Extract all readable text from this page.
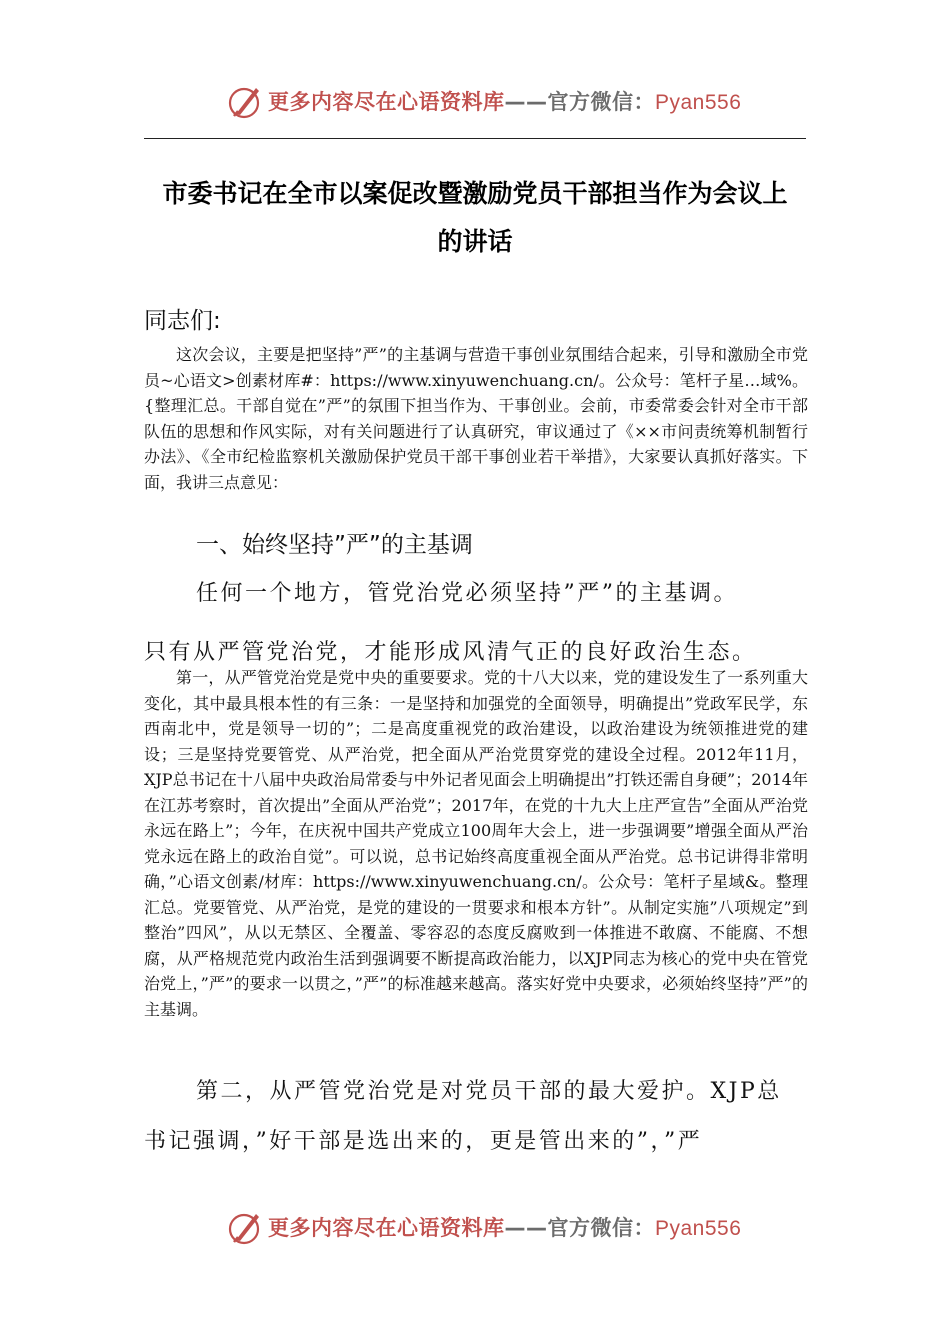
更多内容尽在心语资料库——官方微信：Pyan556
市委书记在全市以案促改暨激励党员干部担当作为会议上
的讲话
同志们:

这次会议，主要是把坚持”严”的主基调与营造干事创业氛围结合起来，引导和激励全市党员~心语文>创素材库#：https://www.xinyuwenchuang.cn/。公众号：笔杆子星…域%。{整理汇总。干部自觉在”严”的氛围下担当作为、干事创业。会前，市委常委会针对全市干部队伍的思想和作风实际，对有关问题进行了认真研究，审议通过了《××市问责统筹机制暂行办法》、《全市纪检监察机关激励保护党员干部干事创业若干举措》，大家要认真抓好落实。下面，我讲三点意见：

一、始终坚持”严”的主基调
任何一个地方，管党治党必须坚持”严”的主基调。
只有从严管党治党，才能形成风清气正的良好政治生态。

第一，从严管党治党是党中央的重要要求。党的十八大以来，党的建设发生了一系列重大变化，其中最具根本性的有三条：一是坚持和加强党的全面领导，明确提出”党政军民学，东西南北中，党是领导一切的”；二是高度重视党的政治建设，以政治建设为统领推进党的建设；三是坚持党要管党、从严治党，把全面从严治党贯穿党的建设全过程。2012年11月，XJP总书记在十八届中央政治局常委与中外记者见面会上明确提出”打铁还需自身硬”；2014年在江苏考察时，首次提出”全面从严治党”；2017年，在党的十九大上庄严宣告”全面从严治党永远在路上”；今年，在庆祝中国共产党成立100周年大会上，进一步强调要”增强全面从严治党永远在路上的政治自觉”。可以说，总书记始终高度重视全面从严治党。总书记讲得非常明确，”心语文创素/材库：https://www.xinyuwenchuang.cn/。公众号：笔杆子星域&。整理汇总。党要管党、从严治党，是党的建设的一贯要求和根本方针”。从制定实施”八项规定”到整治”四风”，从以无禁区、全覆盖、零容忍的态度反腐败到一体推进不敢腐、不能腐、不想腐，从严格规范党内政治生活到强调要不断提高政治能力，以XJP同志为核心的党中央在管党治党上，”严”的要求一以贯之，”严”的标准越来越高。落实好党中央要求，必须始终坚持”严”的主基调。

第二，从严管党治党是对党员干部的最大爱护。XJP总
书记强调，”好干部是选出来的，更是管出来的”，”严
更多内容尽在心语资料库——官方微信：Pyan556
